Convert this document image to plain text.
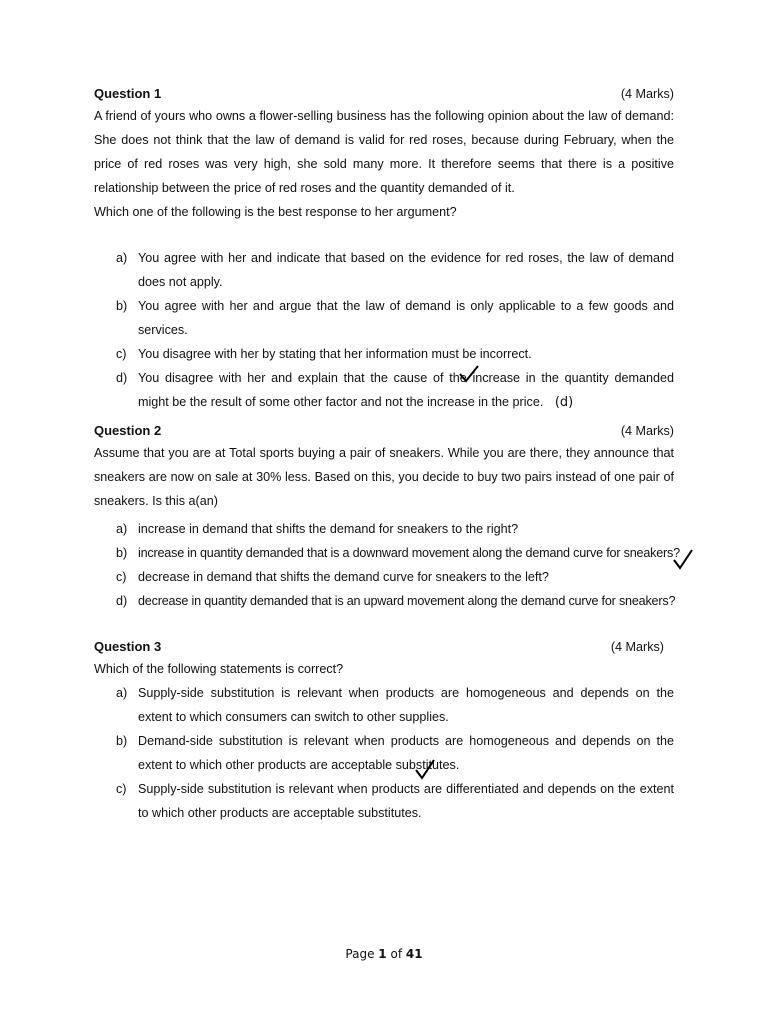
Question 1	(4 Marks)

A friend of yours who owns a flower-selling business has the following opinion about the law of demand: She does not think that the law of demand is valid for red roses, because during February, when the price of red roses was very high, she sold many more. It therefore seems that there is a positive relationship between the price of red roses and the quantity demanded of it.

Which one of the following is the best response to her argument?

a) You agree with her and indicate that based on the evidence for red roses, the law of demand does not apply.
b) You agree with her and argue that the law of demand is only applicable to a few goods and services.
c) You disagree with her by stating that her information must be incorrect.
d) You disagree with her and explain that the cause of the increase in the quantity demanded might be the result of some other factor and not the increase in the price. (d)
Question 2	(4 Marks)

Assume that you are at Total sports buying a pair of sneakers. While you are there, they announce that sneakers are now on sale at 30% less. Based on this, you decide to buy two pairs instead of one pair of sneakers. Is this a(an)

a) increase in demand that shifts the demand for sneakers to the right?
b) increase in quantity demanded that is a downward movement along the demand curve for sneakers?
c) decrease in demand that shifts the demand curve for sneakers to the left?
d) decrease in quantity demanded that is an upward movement along the demand curve for sneakers?
Question 3	(4 Marks)

Which of the following statements is correct?

a) Supply-side substitution is relevant when products are homogeneous and depends on the extent to which consumers can switch to other supplies.
b) Demand-side substitution is relevant when products are homogeneous and depends on the extent to which other products are acceptable substitutes.
c) Supply-side substitution is relevant when products are differentiated and depends on the extent to which other products are acceptable substitutes.
Page 1 of 41
